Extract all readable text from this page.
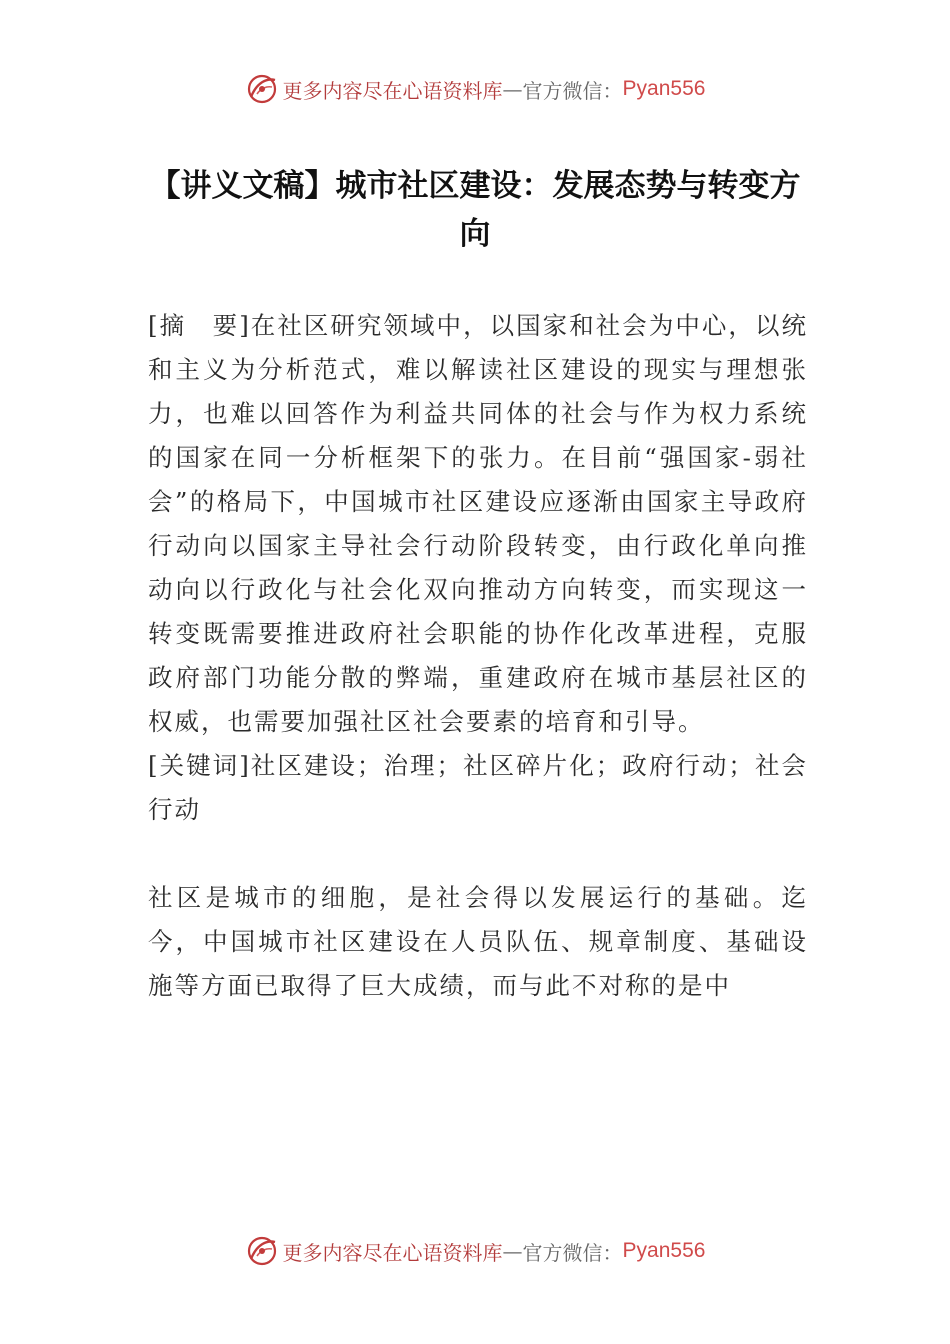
更多内容尽在心语资料库 — 官方微信： Pyan556
【讲义文稿】城市社区建设：发展态势与转变方向

[摘　要]在社区研究领域中，以国家和社会为中心，以统和主义为分析范式，难以解读社区建设的现实与理想张力，也难以回答作为利益共同体的社会与作为权力系统的国家在同一分析框架下的张力。在目前“强国家-弱社会”的格局下，中国城市社区建设应逐渐由国家主导政府行动向以国家主导社会行动阶段转变，由行政化单向推动向以行政化与社会化双向推动方向转变，而实现这一转变既需要推进政府社会职能的协作化改革进程，克服政府部门功能分散的弊端，重建政府在城市基层社区的权威，也需要加强社区社会要素的培育和引导。

[关键词]社区建设；治理；社区碎片化；政府行动；社会行动

社区是城市的细胞，是社会得以发展运行的基础。迄今，中国城市社区建设在人员队伍、规章制度、基础设施等方面已取得了巨大成绩，而与此不对称的是中

更多内容尽在心语资料库 — 官方微信： Pyan556
